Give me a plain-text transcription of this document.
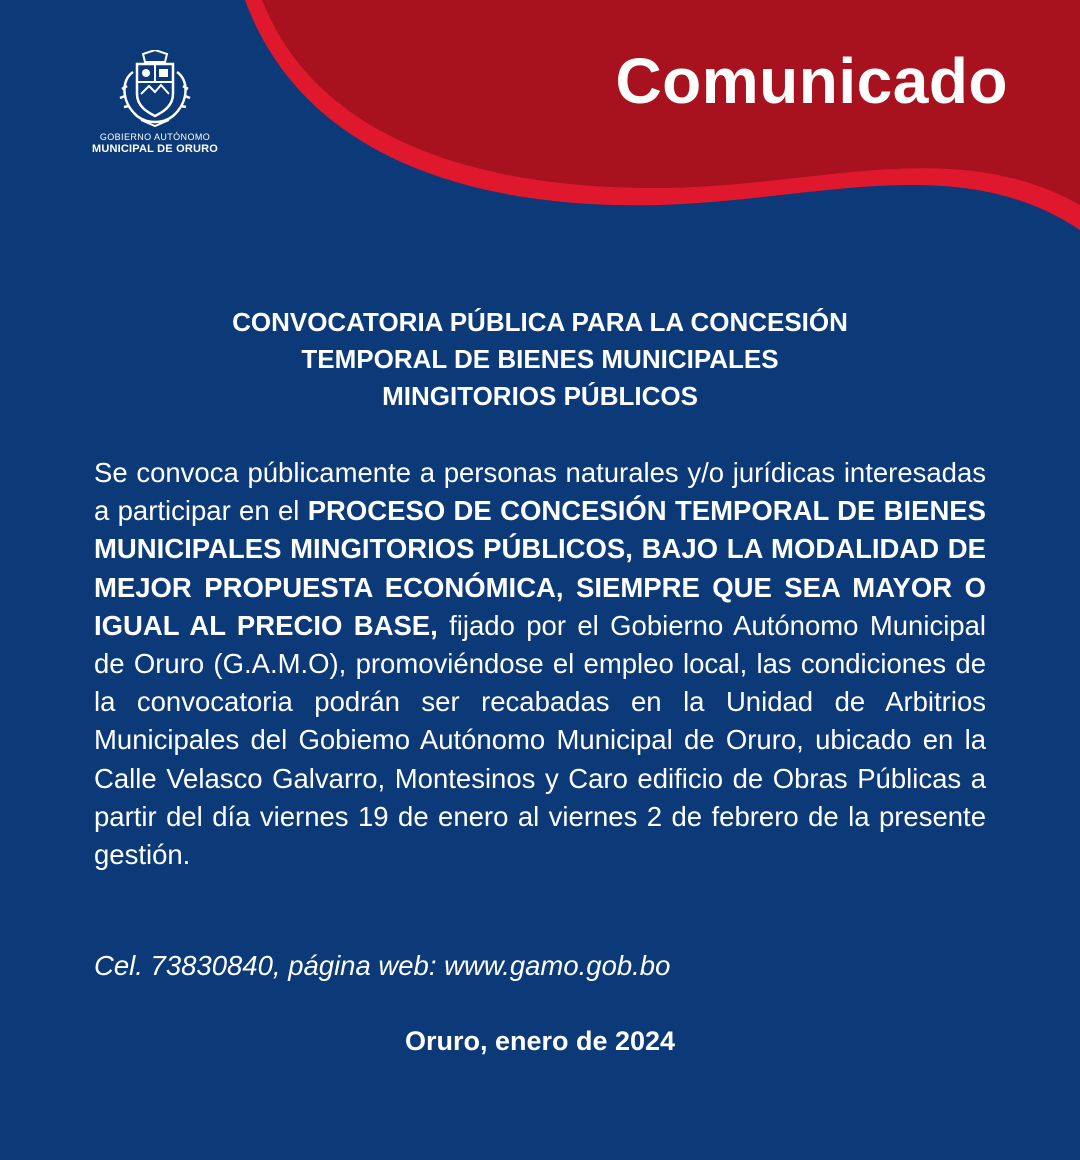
GOBIERNO AUTÓNOMO
MUNICIPAL DE ORURO
Comunicado
CONVOCATORIA PÚBLICA PARA LA CONCESIÓN
TEMPORAL DE BIENES MUNICIPALES
MINGITORIOS PÚBLICOS
Se convoca públicamente a personas naturales y/o jurídicas interesadas a participar en el PROCESO DE CONCESIÓN TEMPORAL DE BIENES MUNICIPALES MINGITORIOS PÚBLICOS, BAJO LA MODALIDAD DE MEJOR PROPUESTA ECONÓMICA, SIEMPRE QUE SEA MAYOR O IGUAL AL PRECIO BASE, fijado por el Gobierno Autónomo Municipal de Oruro (G.A.M.O), promoviéndose el empleo local, las condiciones de la convocatoria podrán ser recabadas en la Unidad de Arbitrios Municipales del Gobiemo Autónomo Municipal de Oruro, ubicado en la Calle Velasco Galvarro, Montesinos y Caro edificio de Obras Públicas a partir del día viernes 19 de enero al viernes 2 de febrero de la presente gestión.
Cel. 73830840, página web: www.gamo.gob.bo
Oruro, enero de 2024
